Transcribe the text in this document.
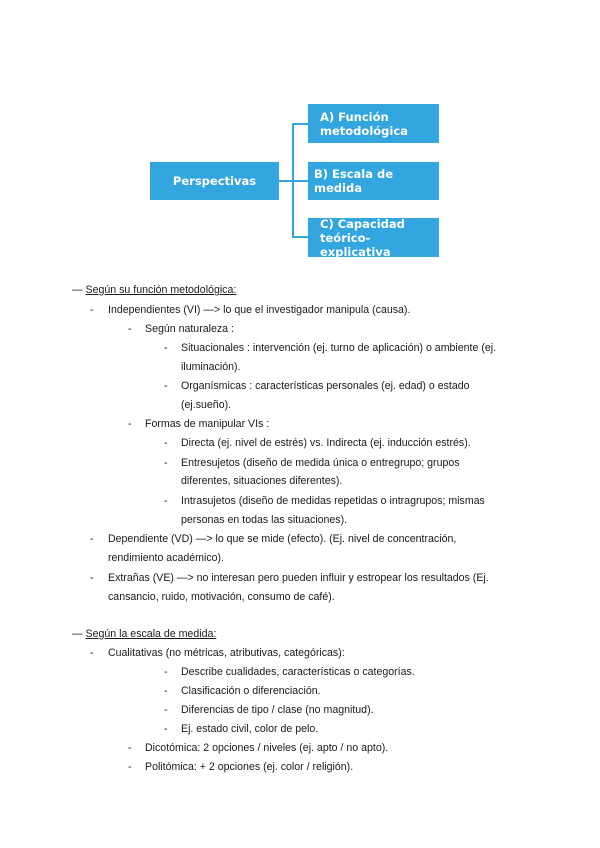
Perspectivas
A) Función
metodológica
B) Escala de medida
C) Capacidad
teórico-explicativa
— Según su función metodológica:
- Independientes (VI) —> lo que el investigador manipula (causa).
- Según naturaleza :
- Situacionales : intervención (ej. turno de aplicación) o ambiente (ej.
iluminación).
- Organísmicas : características personales (ej. edad) o estado
(ej.sueño).
- Formas de manipular VIs :
- Directa (ej. nivel de estrés) vs. Indirecta (ej. inducción estrés).
- Entresujetos (diseño de medida única o entregrupo; grupos
diferentes, situaciones diferentes).
- Intrasujetos (diseño de medidas repetidas o intragrupos; mismas
personas en todas las situaciones).
- Dependiente (VD) —> lo que se mide (efecto). (Ej. nivel de concentración,
rendimiento académico).
- Extrañas (VE) —> no interesan pero pueden influir y estropear los resultados (Ej.
cansancio, ruido, motivación, consumo de café).
— Según la escala de medida:
- Cualitativas (no métricas, atributivas, categóricas):
- Describe cualidades, características o categorías.
- Clasificación o diferenciación.
- Diferencias de tipo / clase (no magnitud).
- Ej. estado civil, color de pelo.
- Dicotómica: 2 opciones / niveles (ej. apto / no apto).
- Politómica: + 2 opciones (ej. color / religión).
